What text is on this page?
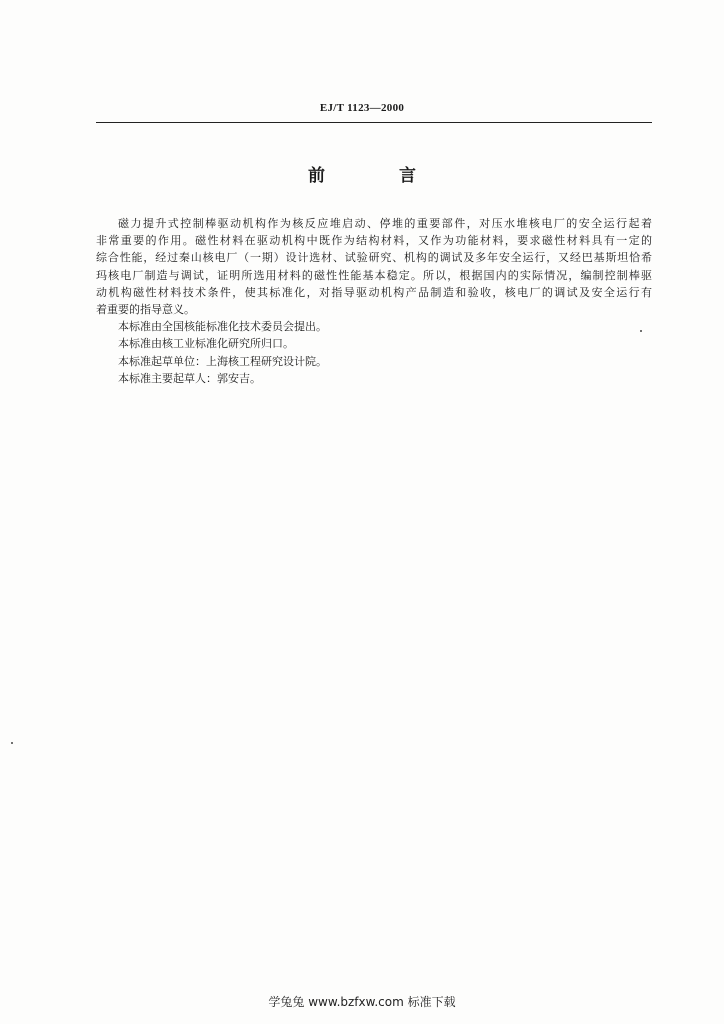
EJ/T 1123—2000
前 言
磁力提升式控制棒驱动机构作为核反应堆启动、停堆的重要部件，对压水堆核电厂的安全运行起着
非常重要的作用。磁性材料在驱动机构中既作为结构材料，又作为功能材料，要求磁性材料具有一定的
综合性能，经过秦山核电厂（一期）设计选材、试验研究、机构的调试及多年安全运行，又经巴基斯坦恰希
玛核电厂制造与调试，证明所选用材料的磁性性能基本稳定。所以，根据国内的实际情况，编制控制棒驱
动机构磁性材料技术条件，使其标准化，对指导驱动机构产品制造和验收，核电厂的调试及安全运行有
着重要的指导意义。
本标准由全国核能标准化技术委员会提出。
本标准由核工业标准化研究所归口。
本标准起草单位：上海核工程研究设计院。
本标准主要起草人：郭安吉。
学兔兔 www.bzfxw.com 标准下载
